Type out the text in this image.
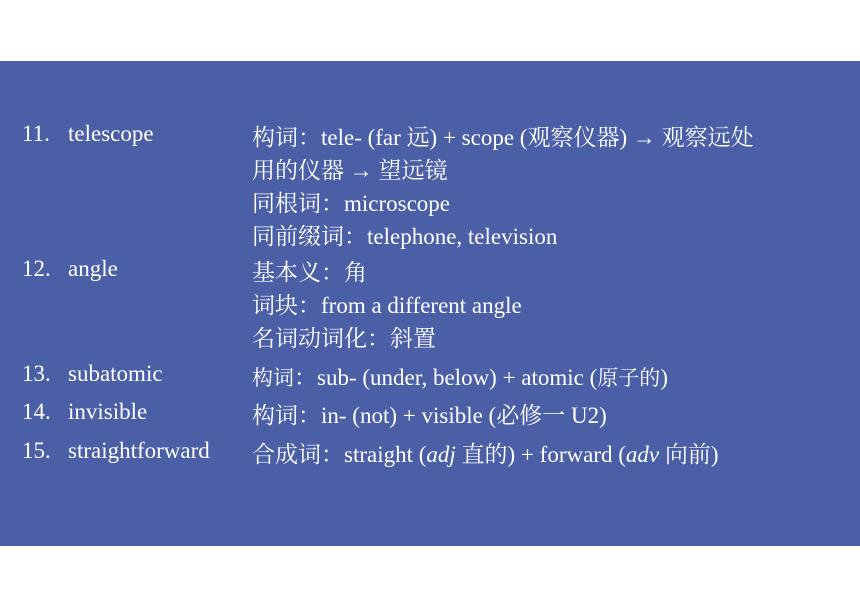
11. telescope	构词：tele- (far 远) + scope (观察仪器) → 观察远处
用的仪器 → 望远镜
同根词：microscope
同前缀词：telephone, television
12. angle	基本义：角
词块：from a different angle
名词动词化：斜置
13. subatomic	构词：sub- (under, below) + atomic (原子的)
14. invisible	构词：in- (not) + visible (必修一 U2)
15. straightforward 合成词：straight (adj 直的) + forward (adv 向前)
